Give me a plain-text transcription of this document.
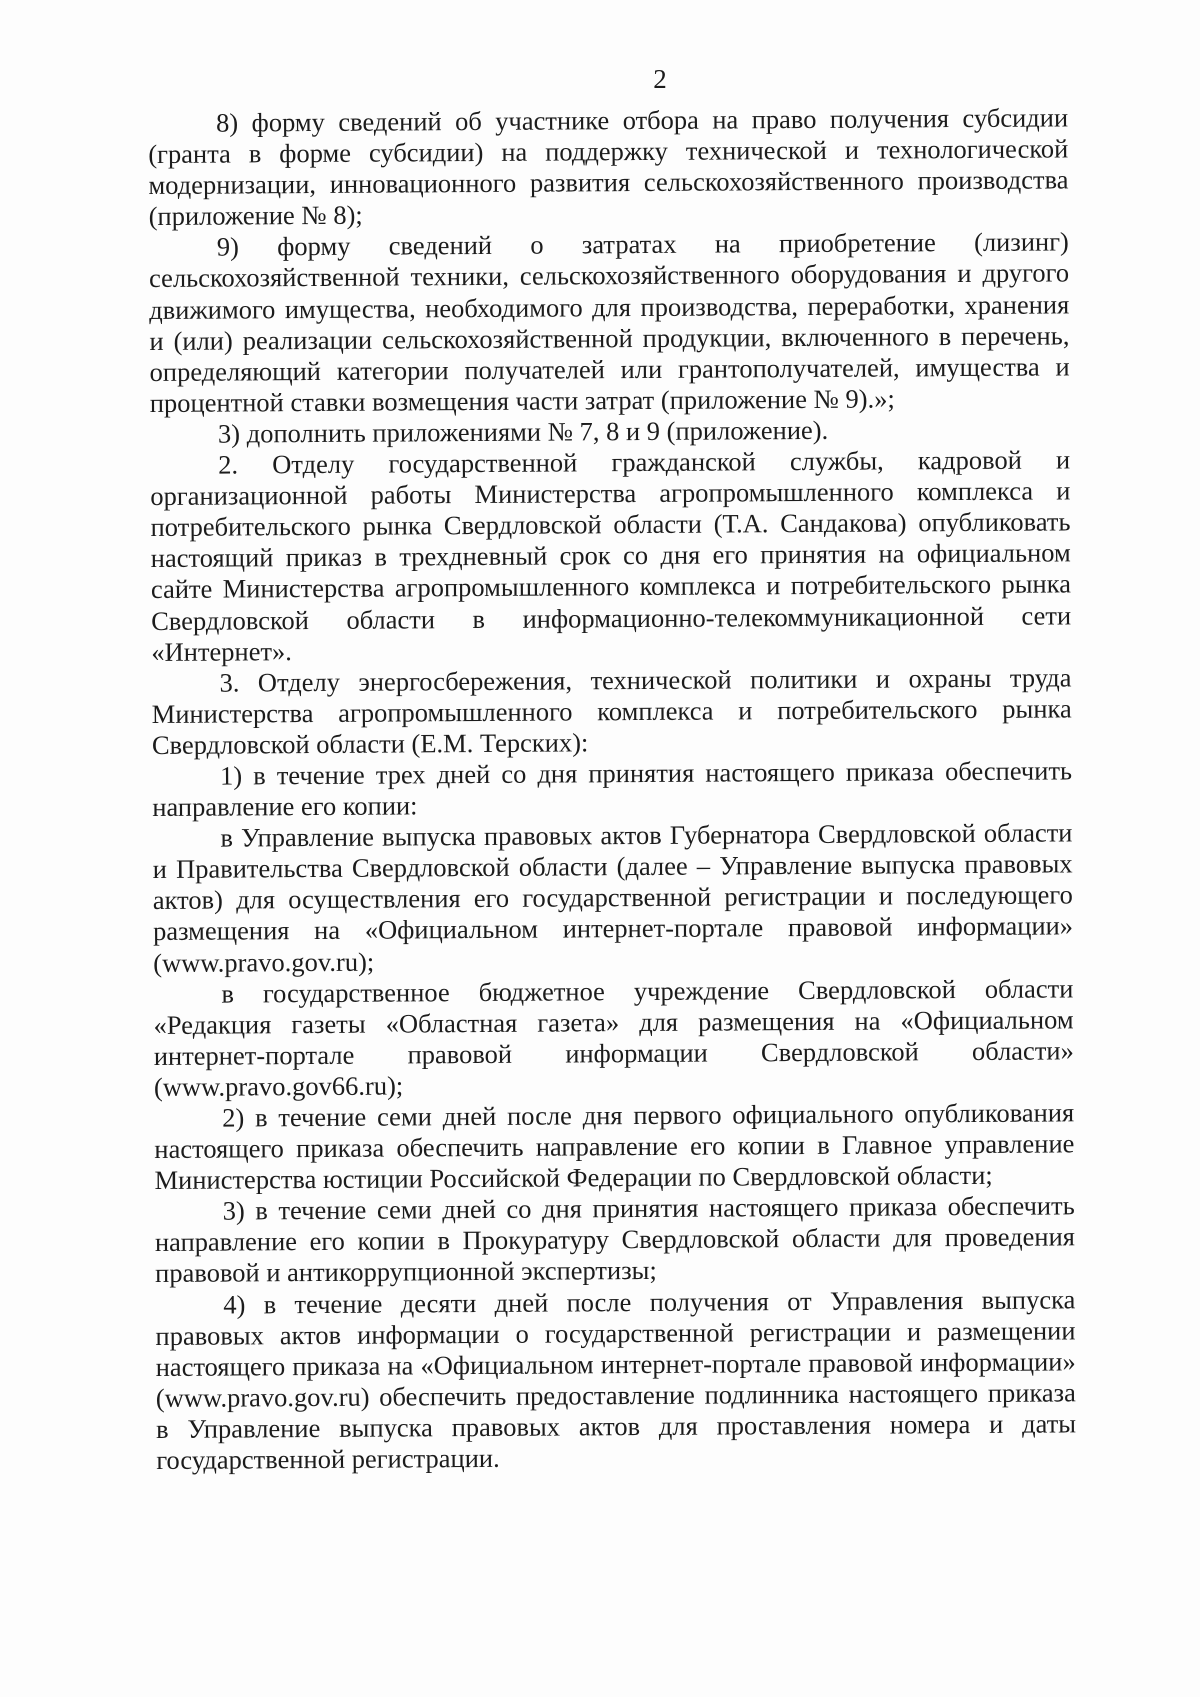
2

8) форму сведений об участнике отбора на право получения субсидии (гранта в форме субсидии) на поддержку технической и технологической модернизации, инновационного развития сельскохозяйственного производства (приложение № 8);

9) форму сведений о затратах на приобретение (лизинг) сельскохозяйственной техники, сельскохозяйственного оборудования и другого движимого имущества, необходимого для производства, переработки, хранения и (или) реализации сельскохозяйственной продукции, включенного в перечень, определяющий категории получателей или грантополучателей, имущества и процентной ставки возмещения части затрат (приложение № 9).»;

3) дополнить приложениями № 7, 8 и 9 (приложение).

2. Отделу государственной гражданской службы, кадровой и организационной работы Министерства агропромышленного комплекса и потребительского рынка Свердловской области (Т.А. Сандакова) опубликовать настоящий приказ в трехдневный срок со дня его принятия на официальном сайте Министерства агропромышленного комплекса и потребительского рынка Свердловской области в информационно-телекоммуникационной сети «Интернет».

3. Отделу энергосбережения, технической политики и охраны труда Министерства агропромышленного комплекса и потребительского рынка Свердловской области (Е.М. Терских):

1) в течение трех дней со дня принятия настоящего приказа обеспечить направление его копии:

в Управление выпуска правовых актов Губернатора Свердловской области и Правительства Свердловской области (далее – Управление выпуска правовых актов) для осуществления его государственной регистрации и последующего размещения на «Официальном интернет-портале правовой информации» (www.pravo.gov.ru);

в государственное бюджетное учреждение Свердловской области «Редакция газеты «Областная газета» для размещения на «Официальном интернет-портале правовой информации Свердловской области» (www.pravo.gov66.ru);

2) в течение семи дней после дня первого официального опубликования настоящего приказа обеспечить направление его копии в Главное управление Министерства юстиции Российской Федерации по Свердловской области;

3) в течение семи дней со дня принятия настоящего приказа обеспечить направление его копии в Прокуратуру Свердловской области для проведения правовой и антикоррупционной экспертизы;

4) в течение десяти дней после получения от Управления выпуска правовых актов информации о государственной регистрации и размещении настоящего приказа на «Официальном интернет-портале правовой информации» (www.pravo.gov.ru) обеспечить предоставление подлинника настоящего приказа в Управление выпуска правовых актов для проставления номера и даты государственной регистрации.
